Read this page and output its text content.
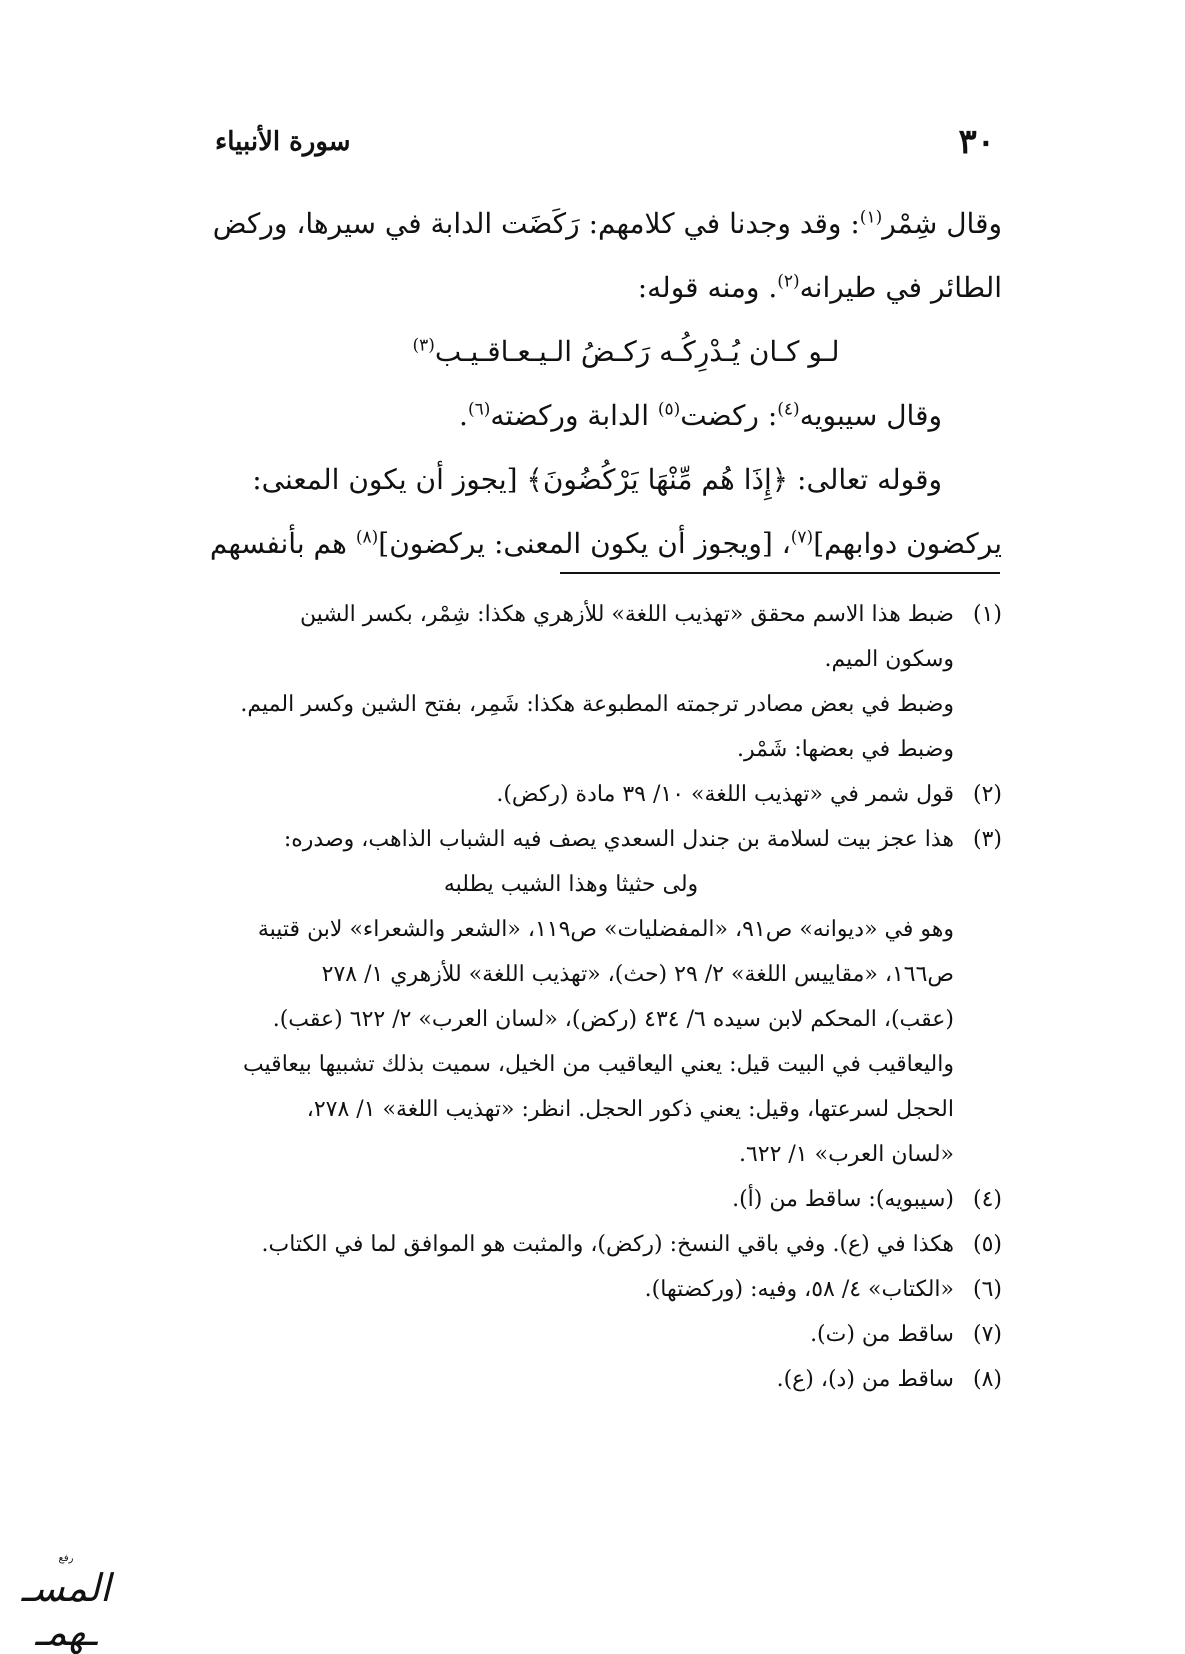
٣٠
سورة الأنبياء
وقال شِمْر$^{(١)}$: وقد وجدنا في كلامهم: رَكَضَت الدابة في سيرها، وركض
الطائر في طيرانه$^{(٢)}$. ومنه قوله:
لـو كـان يُـدْرِكُـه رَكـضُ الـيـعـاقـيـب$^{(٣)}$
وقال سيبويه$^{(٤)}$: ركضت$^{(٥)}$ الدابة وركضته$^{(٦)}$.
وقوله تعالى: ﴿إِذَا هُم مِّنْهَا يَرْكُضُونَ﴾ [يجوز أن يكون المعنى:
يركضون دوابهم]$^{(٧)}$، [ويجوز أن يكون المعنى: يركضون]$^{(٨)}$ هم بأنفسهم
(١)ضبط هذا الاسم محقق «تهذيب اللغة» للأزهري هكذا: شِمْر، بكسر الشين
وسكون الميم.
وضبط في بعض مصادر ترجمته المطبوعة هكذا: شَمِر، بفتح الشين وكسر الميم.
وضبط في بعضها: شَمْر.
(٢)قول شمر في «تهذيب اللغة» ١٠/ ٣٩ مادة (ركض).
(٣)هذا عجز بيت لسلامة بن جندل السعدي يصف فيه الشباب الذاهب، وصدره:
ولى حثيثا وهذا الشيب يطلبه
وهو في «ديوانه» ص٩١، «المفضليات» ص١١٩، «الشعر والشعراء» لابن قتيبة
ص١٦٦، «مقاييس اللغة» ٢/ ٢٩ (حث)، «تهذيب اللغة» للأزهري ١/ ٢٧٨
(عقب)، المحكم لابن سيده ٦/ ٤٣٤ (ركض)، «لسان العرب» ٢/ ٦٢٢ (عقب).
واليعاقيب في البيت قيل: يعني اليعاقيب من الخيل، سميت بذلك تشبيها بيعاقيب
الحجل لسرعتها، وقيل: يعني ذكور الحجل. انظر: «تهذيب اللغة» ١/ ٢٧٨،
«لسان العرب» ١/ ٦٢٢.
(٤)(سيبويه): ساقط من (أ).
(٥)هكذا في (ع). وفي باقي النسخ: (ركض)، والمثبت هو الموافق لما في الكتاب.
(٦)«الكتاب» ٤/ ٥٨، وفيه: (وركضتها).
(٧)ساقط من (ت).
(٨)ساقط من (د)، (ع).
رفع
المسـ ـهمـ
